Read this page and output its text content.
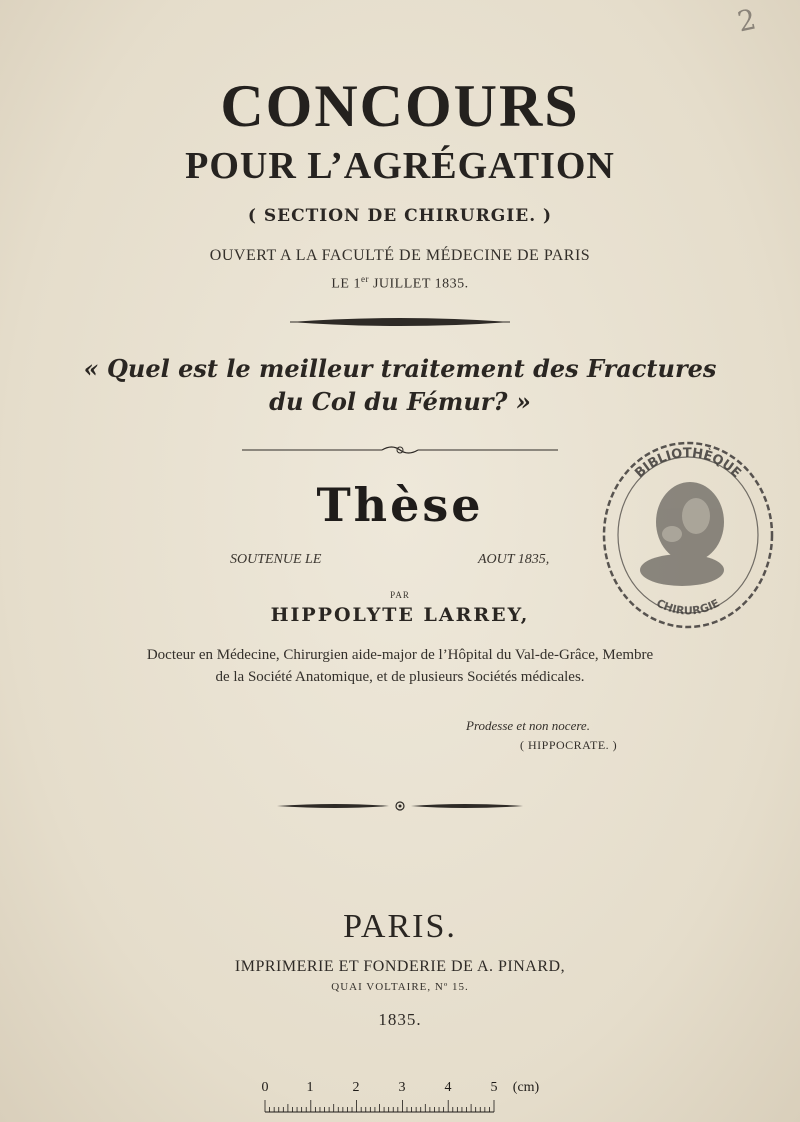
2
CONCOURS
POUR L’AGRÉGATION
( SECTION DE CHIRURGIE. )
OUVERT A LA FACULTÉ DE MÉDECINE DE PARIS
LE 1er JUILLET 1835.
« Quel est le meilleur traitement des Fractures
du Col du Fémur? »
Thèse
SOUTENUE LE	AOUT 1835,
PAR
HIPPOLYTE LARREY,
Docteur en Médecine, Chirurgien aide-major de l’Hôpital du Val-de-Grâce, Membre
de la Société Anatomique, et de plusieurs Sociétés médicales.
Prodesse et non nocere.
( HIPPOCRATE. )
PARIS.
IMPRIMERIE ET FONDERIE DE A. PINARD,
QUAI VOLTAIRE, Nº 15.
1835.
BIBLIOTHÈQUE
CHIRURGIE
0	1	2	3	4	5 (cm)
